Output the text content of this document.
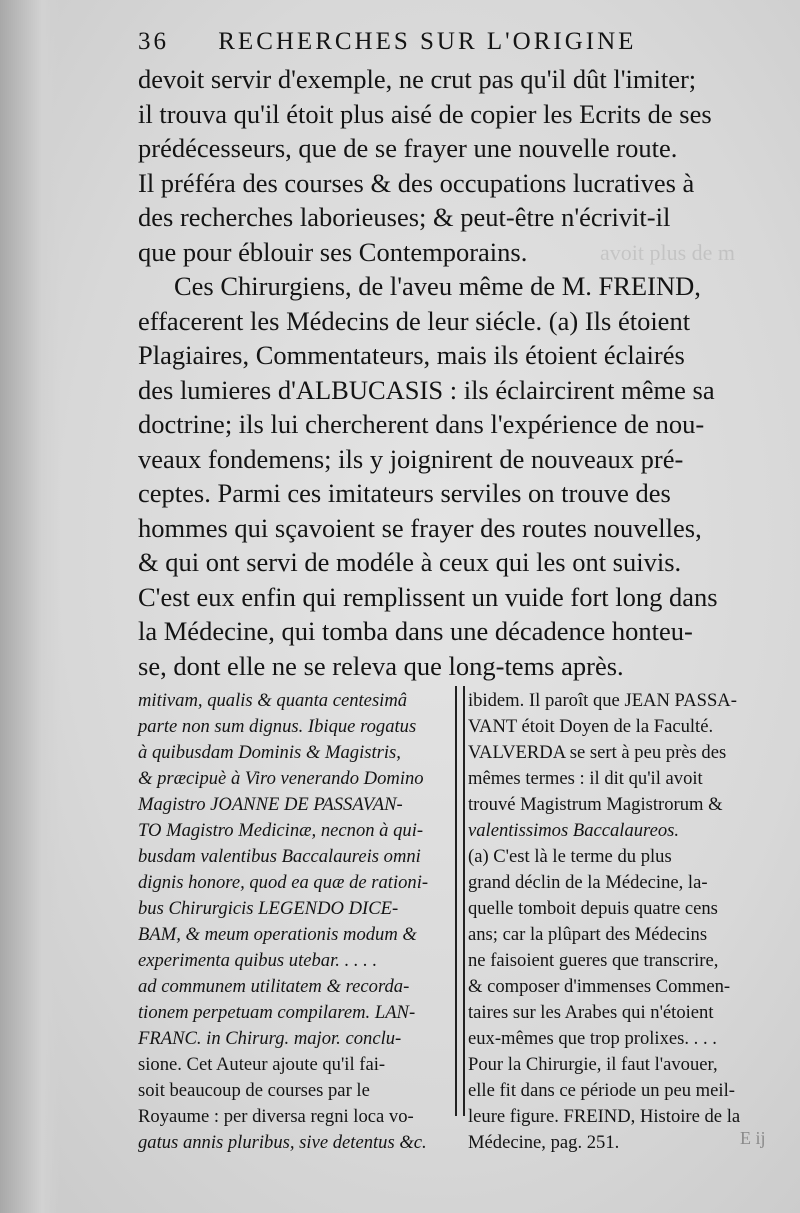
avoit plus de m
36 RECHERCHES SUR L'ORIGINE
devoit servir d'exemple, ne crut pas qu'il dût l'imiter;
il trouva qu'il étoit plus aisé de copier les Ecrits de ses
prédécesseurs, que de se frayer une nouvelle route.
Il préféra des courses & des occupations lucratives à
des recherches laborieuses; & peut-être n'écrivit-il
que pour éblouir ses Contemporains.
Ces Chirurgiens, de l'aveu même de M. FREIND,
effacerent les Médecins de leur siécle. (a) Ils étoient
Plagiaires, Commentateurs, mais ils étoient éclairés
des lumieres d'ALBUCASIS : ils éclaircirent même sa
doctrine; ils lui chercherent dans l'expérience de nou-
veaux fondemens; ils y joignirent de nouveaux pré-
ceptes. Parmi ces imitateurs serviles on trouve des
hommes qui sçavoient se frayer des routes nouvelles,
& qui ont servi de modéle à ceux qui les ont suivis.
C'est eux enfin qui remplissent un vuide fort long dans
la Médecine, qui tomba dans une décadence honteu-
se, dont elle ne se releva que long-tems après.
mitivam, qualis & quanta centesimâ
parte non sum dignus. Ibique rogatus
à quibusdam Dominis & Magistris,
& præcipuè à Viro venerando Domino
Magistro JOANNE DE PASSAVAN-
TO Magistro Medicinæ, necnon à qui-
busdam valentibus Baccalaureis omni
dignis honore, quod ea quæ de rationi-
bus Chirurgicis LEGENDO DICE-
BAM, & meum operationis modum &
experimenta quibus utebar. . . . .
ad communem utilitatem & recorda-
tionem perpetuam compilarem. LAN-
FRANC. in Chirurg. major. conclu-
sione. Cet Auteur ajoute qu'il fai-
soit beaucoup de courses par le
Royaume : per diversa regni loca vo-
gatus annis pluribus, sive detentus &c.
ibidem. Il paroît que JEAN PASSA-
VANT étoit Doyen de la Faculté.
VALVERDA se sert à peu près des
mêmes termes : il dit qu'il avoit
trouvé Magistrum Magistrorum &
valentissimos Baccalaureos.
(a) C'est là le terme du plus
grand déclin de la Médecine, la-
quelle tomboit depuis quatre cens
ans; car la plûpart des Médecins
ne faisoient gueres que transcrire,
& composer d'immenses Commen-
taires sur les Arabes qui n'étoient
eux-mêmes que trop prolixes. . . .
Pour la Chirurgie, il faut l'avouer,
elle fit dans ce période un peu meil-
leure figure. FREIND, Histoire de la
Médecine, pag. 251.	E ij
